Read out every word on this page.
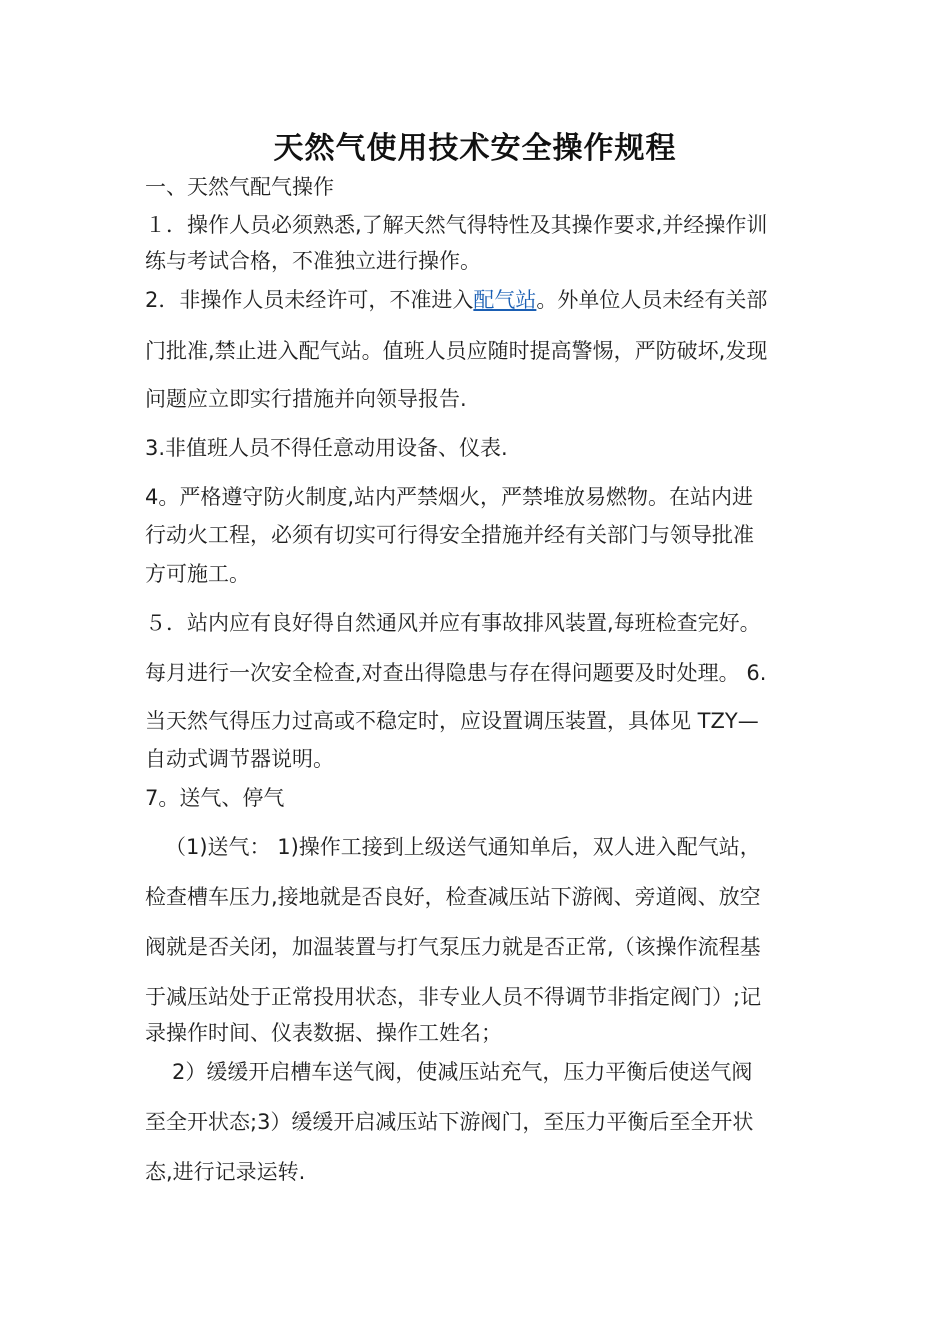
天然气使用技术安全操作规程
一、天然气配气操作
１．操作人员必须熟悉,了解天然气得特性及其操作要求,并经操作训
练与考试合格，不准独立进行操作。
2．非操作人员未经许可，不准进入配气站。外单位人员未经有关部
门批准,禁止进入配气站。值班人员应随时提高警惕，严防破坏,发现
问题应立即实行措施并向领导报告.
3.非值班人员不得任意动用设备、仪表.
4。严格遵守防火制度,站内严禁烟火，严禁堆放易燃物。在站内进
行动火工程，必须有切实可行得安全措施并经有关部门与领导批准
方可施工。
５．站内应有良好得自然通风并应有事故排风装置,每班检查完好。
每月进行一次安全检查,对查出得隐患与存在得问题要及时处理。 6.
当天然气得压力过高或不稳定时，应设置调压装置，具体见 TZY—
自动式调节器说明。
7。送气、停气
（1)送气： 1)操作工接到上级送气通知单后，双人进入配气站，
检查槽车压力,接地就是否良好，检查减压站下游阀、旁道阀、放空
阀就是否关闭，加温装置与打气泵压力就是否正常,（该操作流程基
于减压站处于正常投用状态，非专业人员不得调节非指定阀门）;记
录操作时间、仪表数据、操作工姓名；
2）缓缓开启槽车送气阀，使减压站充气，压力平衡后使送气阀
至全开状态;3）缓缓开启减压站下游阀门，至压力平衡后至全开状
态,进行记录运转.
